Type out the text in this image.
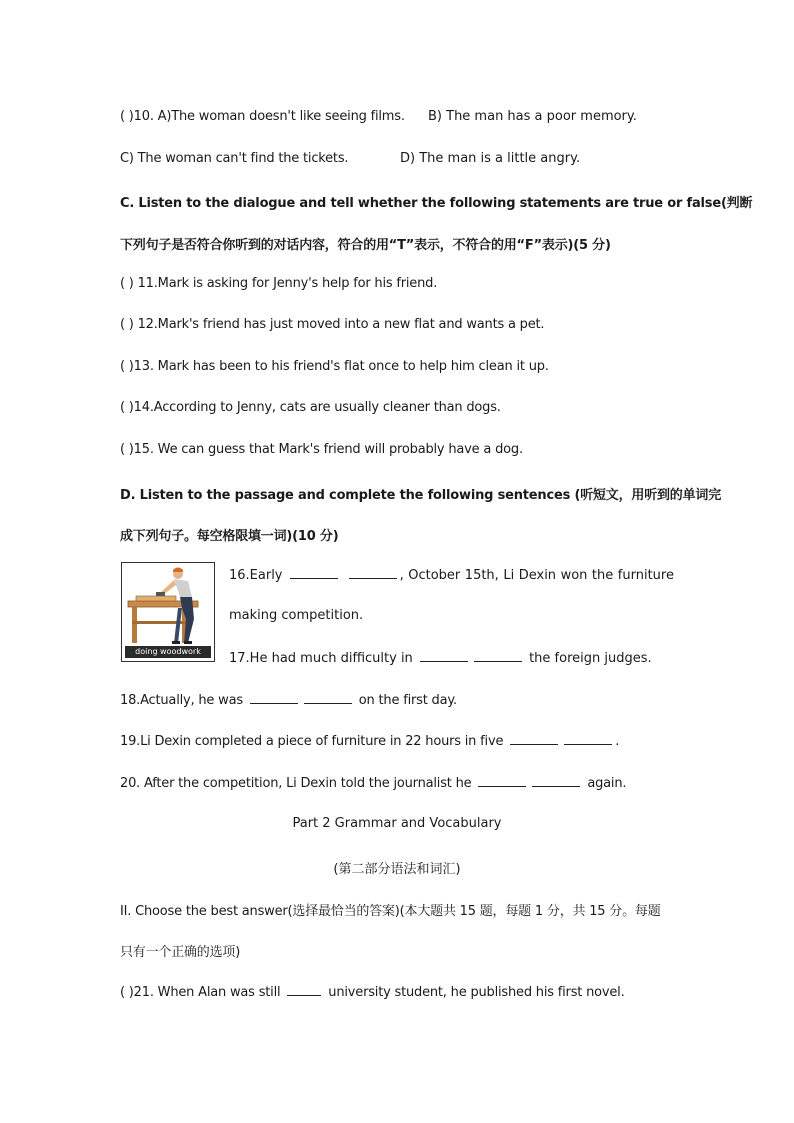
( )10. A)The woman doesn't like seeing films. B) The man has a poor memory.
C) The woman can't find the tickets.	D) The man is a little angry.
C. Listen to the dialogue and tell whether the following statements are true or false(判断
下列句子是否符合你听到的对话内容，符合的用“T”表示，不符合的用“F”表示)(5 分)
( ) 11.Mark is asking for Jenny's help for his friend.
( ) 12.Mark's friend has just moved into a new flat and wants a pet.
( )13. Mark has been to his friend's flat once to help him clean it up.
( )14.According to Jenny, cats are usually cleaner than dogs.
( )15. We can guess that Mark's friend will probably have a dog.
D. Listen to the passage and complete the following sentences (听短文，用听到的单词完
成下列句子。每空格限填一词)(10 分)
doing woodwork
16.Early	, October 15th, Li Dexin won the furniture
making competition.
17.He had much difficulty in	the foreign judges.
18.Actually, he was	on the first day.
19.Li Dexin completed a piece of furniture in 22 hours in five	.
20. After the competition, Li Dexin told the journalist he	again.
Part 2 Grammar and Vocabulary
(第二部分语法和词汇)
II. Choose the best answer(选择最恰当的答案)(本大题共 15 题，每题 1 分，共 15 分。每题
只有一个正确的选项)
( )21. When Alan was still	university student, he published his first novel.
